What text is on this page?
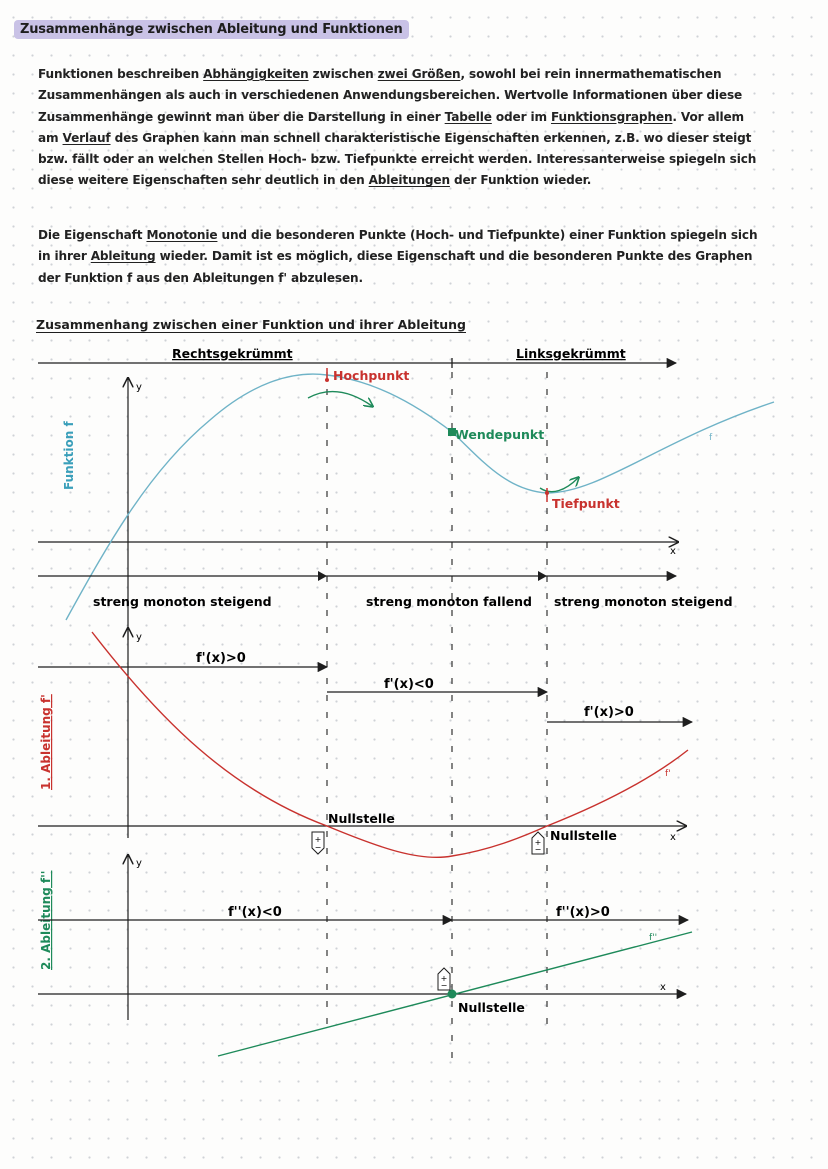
Zusammenhänge zwischen Ableitung und Funktionen
Funktionen beschreiben Abhängigkeiten zwischen zwei Größen, sowohl bei rein innermathematischen Zusammenhängen als auch in verschiedenen Anwendungsbereichen. Wertvolle Informationen über diese Zusammenhänge gewinnt man über die Darstellung in einer Tabelle oder im Funktionsgraphen. Vor allem am Verlauf des Graphen kann man schnell charakteristische Eigenschaften erkennen, z.B. wo dieser steigt bzw. fällt oder an welchen Stellen Hoch- bzw. Tiefpunkte erreicht werden. Interessanterweise spiegeln sich diese weitere Eigenschaften sehr deutlich in den Ableitungen der Funktion wieder.
Die Eigenschaft Monotonie und die besonderen Punkte (Hoch- und Tiefpunkte) einer Funktion spiegeln sich in ihrer Ableitung wieder. Damit ist es möglich, diese Eigenschaft und die besonderen Punkte des Graphen der Funktion f aus den Ableitungen f' abzulesen.
Zusammenhang zwischen einer Funktion und ihrer Ableitung
Rechtsgekrümmt	Linksgekrümmt
y
x
Funktion f	f
Hochpunkt
Wendepunkt
Tiefpunkt
streng monoton steigend	streng monoton fallend streng monoton steigend
y
x
1. Ableitung f'
f'(x)>0
f'(x)<0
f'(x)>0
f'
Nullstelle
+
−
Nullstelle
+
−
y
x
2. Ableitung f''	f''(x)<0	f''(x)>0
f''
Nullstelle
+
−
